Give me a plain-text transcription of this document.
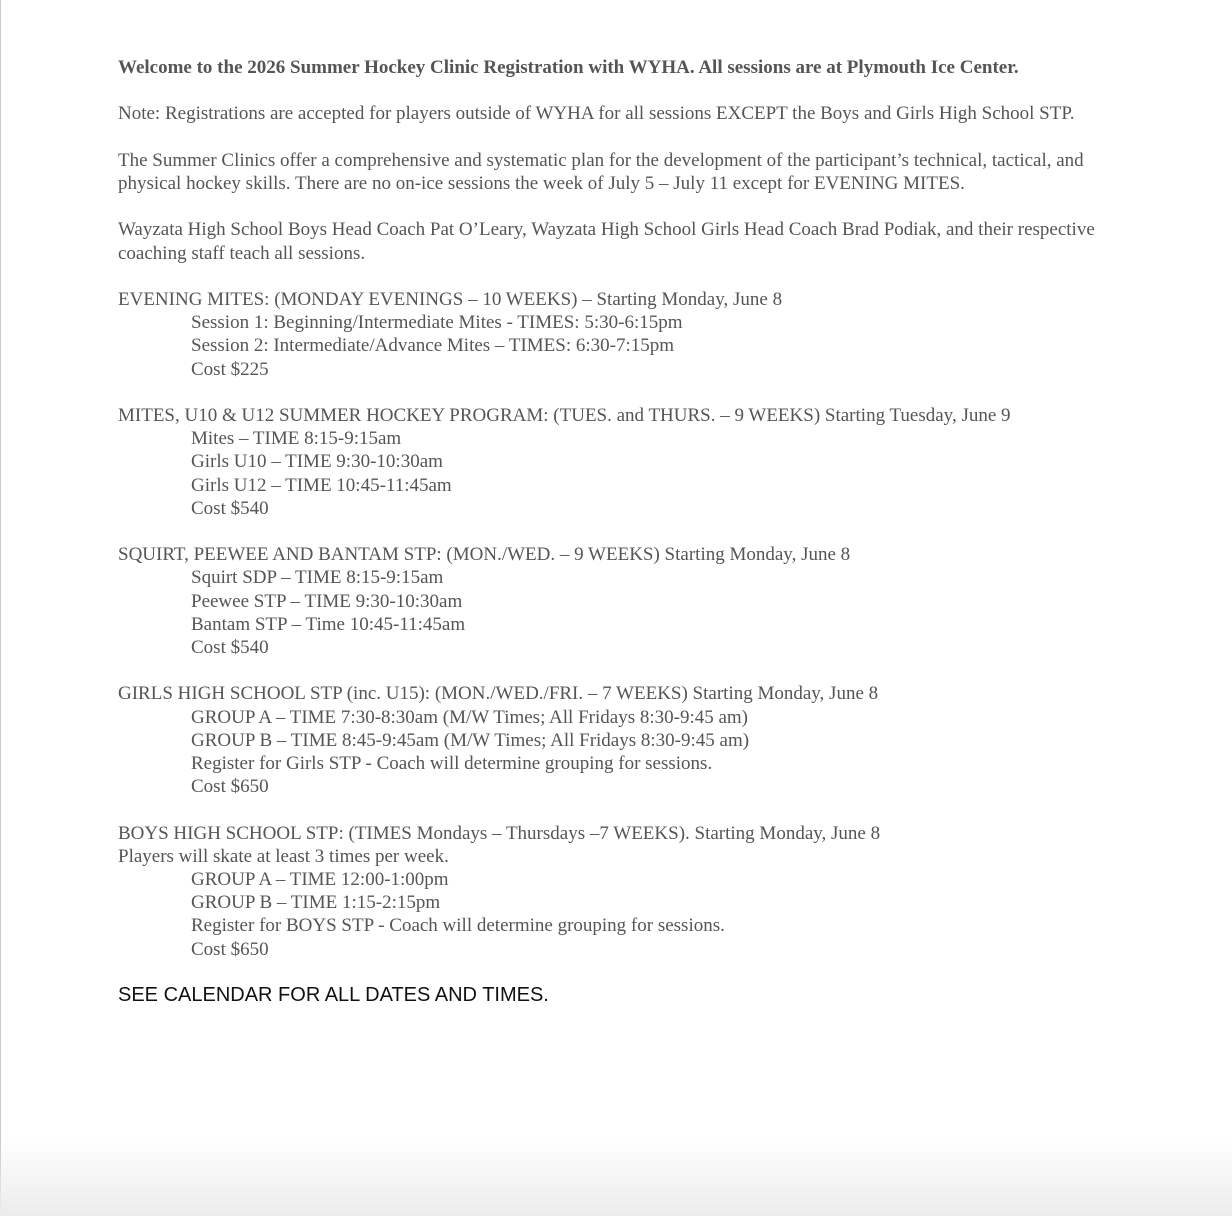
Welcome to the 2026 Summer Hockey Clinic Registration with WYHA. All sessions are at Plymouth Ice Center.

Note: Registrations are accepted for players outside of WYHA for all sessions EXCEPT the Boys and Girls High School STP.

The Summer Clinics offer a comprehensive and systematic plan for the development of the participant’s technical, tactical, and physical hockey skills. There are no on-ice sessions the week of July 5 – July 11 except for EVENING MITES.

Wayzata High School Boys Head Coach Pat O’Leary, Wayzata High School Girls Head Coach Brad Podiak, and their respective coaching staff teach all sessions.

EVENING MITES: (MONDAY EVENINGS – 10 WEEKS) – Starting Monday, June 8
Session 1: Beginning/Intermediate Mites - TIMES: 5:30-6:15pm
Session 2: Intermediate/Advance Mites – TIMES: 6:30-7:15pm
Cost $225
MITES, U10 & U12 SUMMER HOCKEY PROGRAM: (TUES. and THURS. – 9 WEEKS) Starting Tuesday, June 9
Mites – TIME 8:15-9:15am
Girls U10 – TIME 9:30-10:30am
Girls U12 – TIME 10:45-11:45am
Cost $540
SQUIRT, PEEWEE AND BANTAM STP: (MON./WED. – 9 WEEKS) Starting Monday, June 8
Squirt SDP – TIME 8:15-9:15am
Peewee STP – TIME 9:30-10:30am
Bantam STP – Time 10:45-11:45am
Cost $540
GIRLS HIGH SCHOOL STP (inc. U15): (MON./WED./FRI. – 7 WEEKS) Starting Monday, June 8
GROUP A – TIME 7:30-8:30am (M/W Times; All Fridays 8:30-9:45 am)
GROUP B – TIME 8:45-9:45am (M/W Times; All Fridays 8:30-9:45 am)
Register for Girls STP - Coach will determine grouping for sessions.
Cost $650
BOYS HIGH SCHOOL STP: (TIMES Mondays – Thursdays –7 WEEKS). Starting Monday, June 8
Players will skate at least 3 times per week.
GROUP A – TIME 12:00-1:00pm
GROUP B – TIME 1:15-2:15pm
Register for BOYS STP - Coach will determine grouping for sessions.
Cost $650
SEE CALENDAR FOR ALL DATES AND TIMES.
